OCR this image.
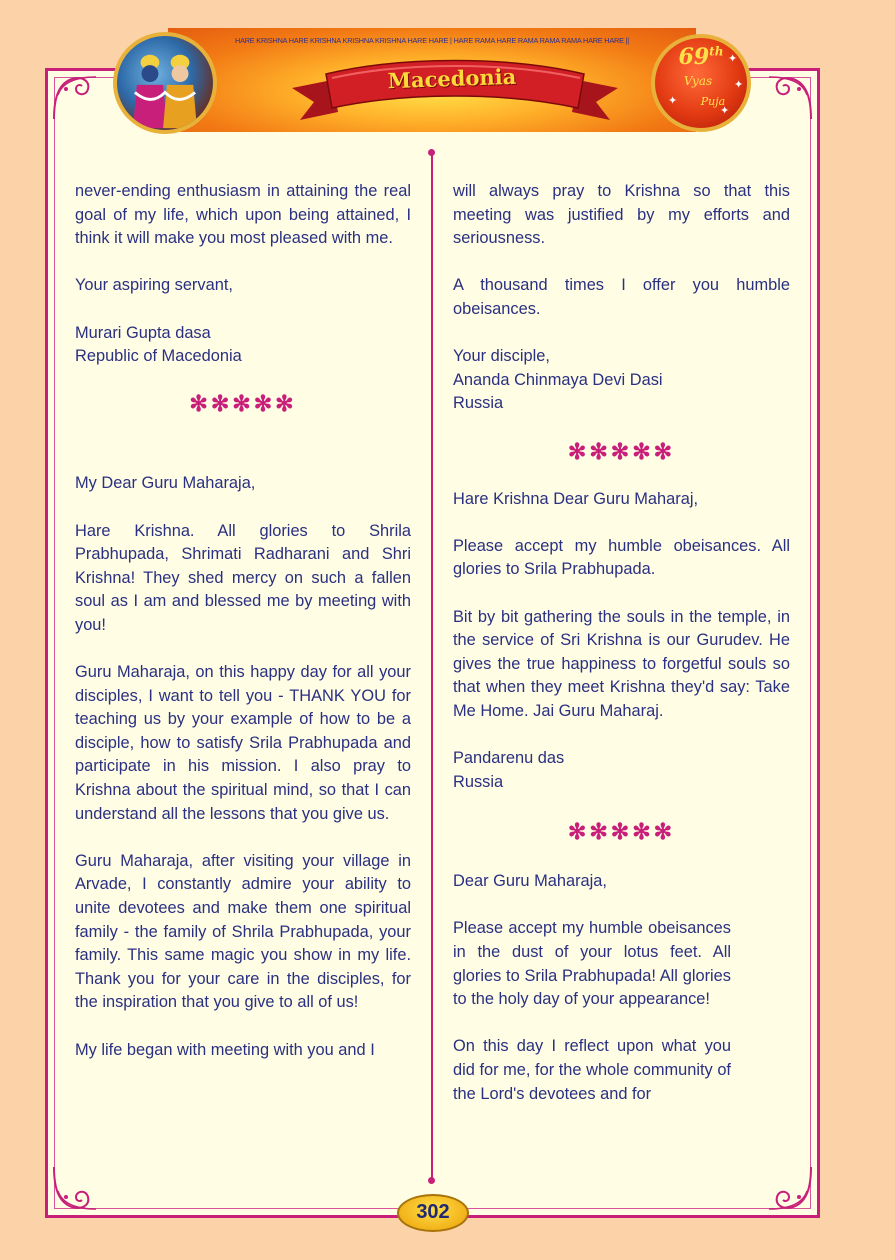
HARE KRISHNA HARE KRISHNA KRISHNA KRISHNA HARE HARE | HARE RAMA HARE RAMA RAMA RAMA HARE HARE ||
Macedonia
69th
Vyas
Puja
✦
✦
✦
✦

never-ending enthusiasm in attaining the real goal of my life, which upon being attained, I think it will make you most pleased with me.

Your aspiring servant,

Murari Gupta dasa
Republic of Macedonia

✻✻✻✻✻

My Dear Guru Maharaja,

Hare Krishna. All glories to Shrila Prabhupada, Shrimati Radharani and Shri Krishna! They shed mercy on such a fallen soul as I am and blessed me by meeting with you!

Guru Maharaja, on this happy day for all your disciples, I want to tell you - THANK YOU for teaching us by your example of how to be a disciple, how to satisfy Srila Prabhupada and participate in his mission. I also pray to Krishna about the spiritual mind, so that I can understand all the lessons that you give us.

Guru Maharaja, after visiting your village in Arvade, I constantly admire your ability to unite devotees and make them one spiritual family - the family of Shrila Prabhupada, your family. This same magic you show in my life. Thank you for your care in the disciples, for the inspiration that you give to all of us!

My life began with meeting with you and I

will always pray to Krishna so that this meeting was justified by my efforts and seriousness.

A thousand times I offer you humble obeisances.

Your disciple,
Ananda Chinmaya Devi Dasi
Russia

✻✻✻✻✻

Hare Krishna Dear Guru Maharaj,

Please accept my humble obeisances. All glories to Srila Prabhupada.

Bit by bit gathering the souls in the temple, in the service of Sri Krishna is our Gurudev. He gives the true happiness to forgetful souls so that when they meet Krishna they'd say: Take Me Home. Jai Guru Maharaj.

Pandarenu das
Russia

✻✻✻✻✻

Dear Guru Maharaja,

Please accept my humble obeisances in the dust of your lotus feet. All glories to Srila Prabhupada! All glories to the holy day of your appearance!

On this day I reflect upon what you did for me, for the whole community of the Lord's devotees and for

302
